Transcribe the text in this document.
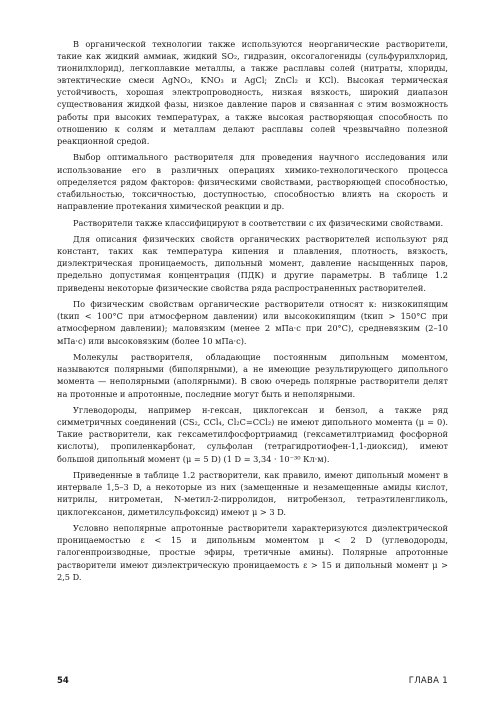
В органической технологии также используются неорганические растворители, такие как жидкий аммиак, жидкий SO₂, гидразин, оксогалогениды (сульфурилхлорид, тионилхлорид), легкоплавкие металлы, а также расплавы солей (нитраты, хлориды, эвтектические смеси AgNO₃, KNO₃ и AgCl; ZnCl₂ и KCl). Высокая термическая устойчивость, хорошая электропроводность, низкая вязкость, широкий диапазон существования жидкой фазы, низкое давление паров и связанная с этим возможность работы при высоких температурах, а также высокая растворяющая способность по отношению к солям и металлам делают расплавы солей чрезвычайно полезной реакционной средой.

Выбор оптимального растворителя для проведения научного исследования или использование его в различных операциях химико-технологического процесса определяется рядом факторов: физическими свойствами, растворяющей способностью, стабильностью, токсичностью, доступностью, способностью влиять на скорость и направление протекания химической реакции и др.

Растворители также классифицируют в соответствии с их физическими свойствами.

Для описания физических свойств органических растворителей используют ряд констант, таких как температура кипения и плавления, плотность, вязкость, диэлектрическая проницаемость, дипольный момент, давление насыщенных паров, предельно допустимая концентрация (ПДК) и другие параметры. В таблице 1.2 приведены некоторые физические свойства ряда распространенных растворителей.

По физическим свойствам органические растворители относят к: низкокипящим (tкип < 100°C при атмосферном давлении) или высококипящим (tкип > 150°C при атмосферном давлении); маловязким (менее 2 мПа·с при 20°C), средневязким (2–10 мПа·с) или высоковязким (более 10 мПа·с).

Молекулы растворителя, обладающие постоянным дипольным моментом, называются полярными (биполярными), а не имеющие результирующего дипольного момента — неполярными (аполярными). В свою очередь полярные растворители делят на протонные и апротонные, последние могут быть и неполярными.

Углеводороды, например н-гексан, циклогексан и бензол, а также ряд симметричных соединений (CS₂, CCl₄, Cl₂C=CCl₂) не имеют дипольного момента (μ = 0). Такие растворители, как гексаметилфосфортриамид (гексаметилтриамид фосфорной кислоты), пропиленкарбонат, сульфолан (тетрагидротиофен-1,1-диоксид), имеют большой дипольный момент (μ = 5 D) (1 D = 3,34 · 10⁻³⁰ Кл·м).

Приведенные в таблице 1.2 растворители, как правило, имеют дипольный момент в интервале 1,5–3 D, а некоторые из них (замещенные и незамещенные амиды кислот, нитрилы, нитрометан, N-метил-2-пирролидон, нитробензол, тетраэтиленгликоль, циклогексанон, диметилсульфоксид) имеют μ > 3 D.

Условно неполярные апротонные растворители характеризуются диэлектрической проницаемостью ε < 15 и дипольным моментом μ < 2 D (углеводороды, галогенпроизводные, простые эфиры, третичные амины). Полярные апротонные растворители имеют диэлектрическую проницаемость ε > 15 и дипольный момент μ > 2,5 D.

54	ГЛАВА 1
